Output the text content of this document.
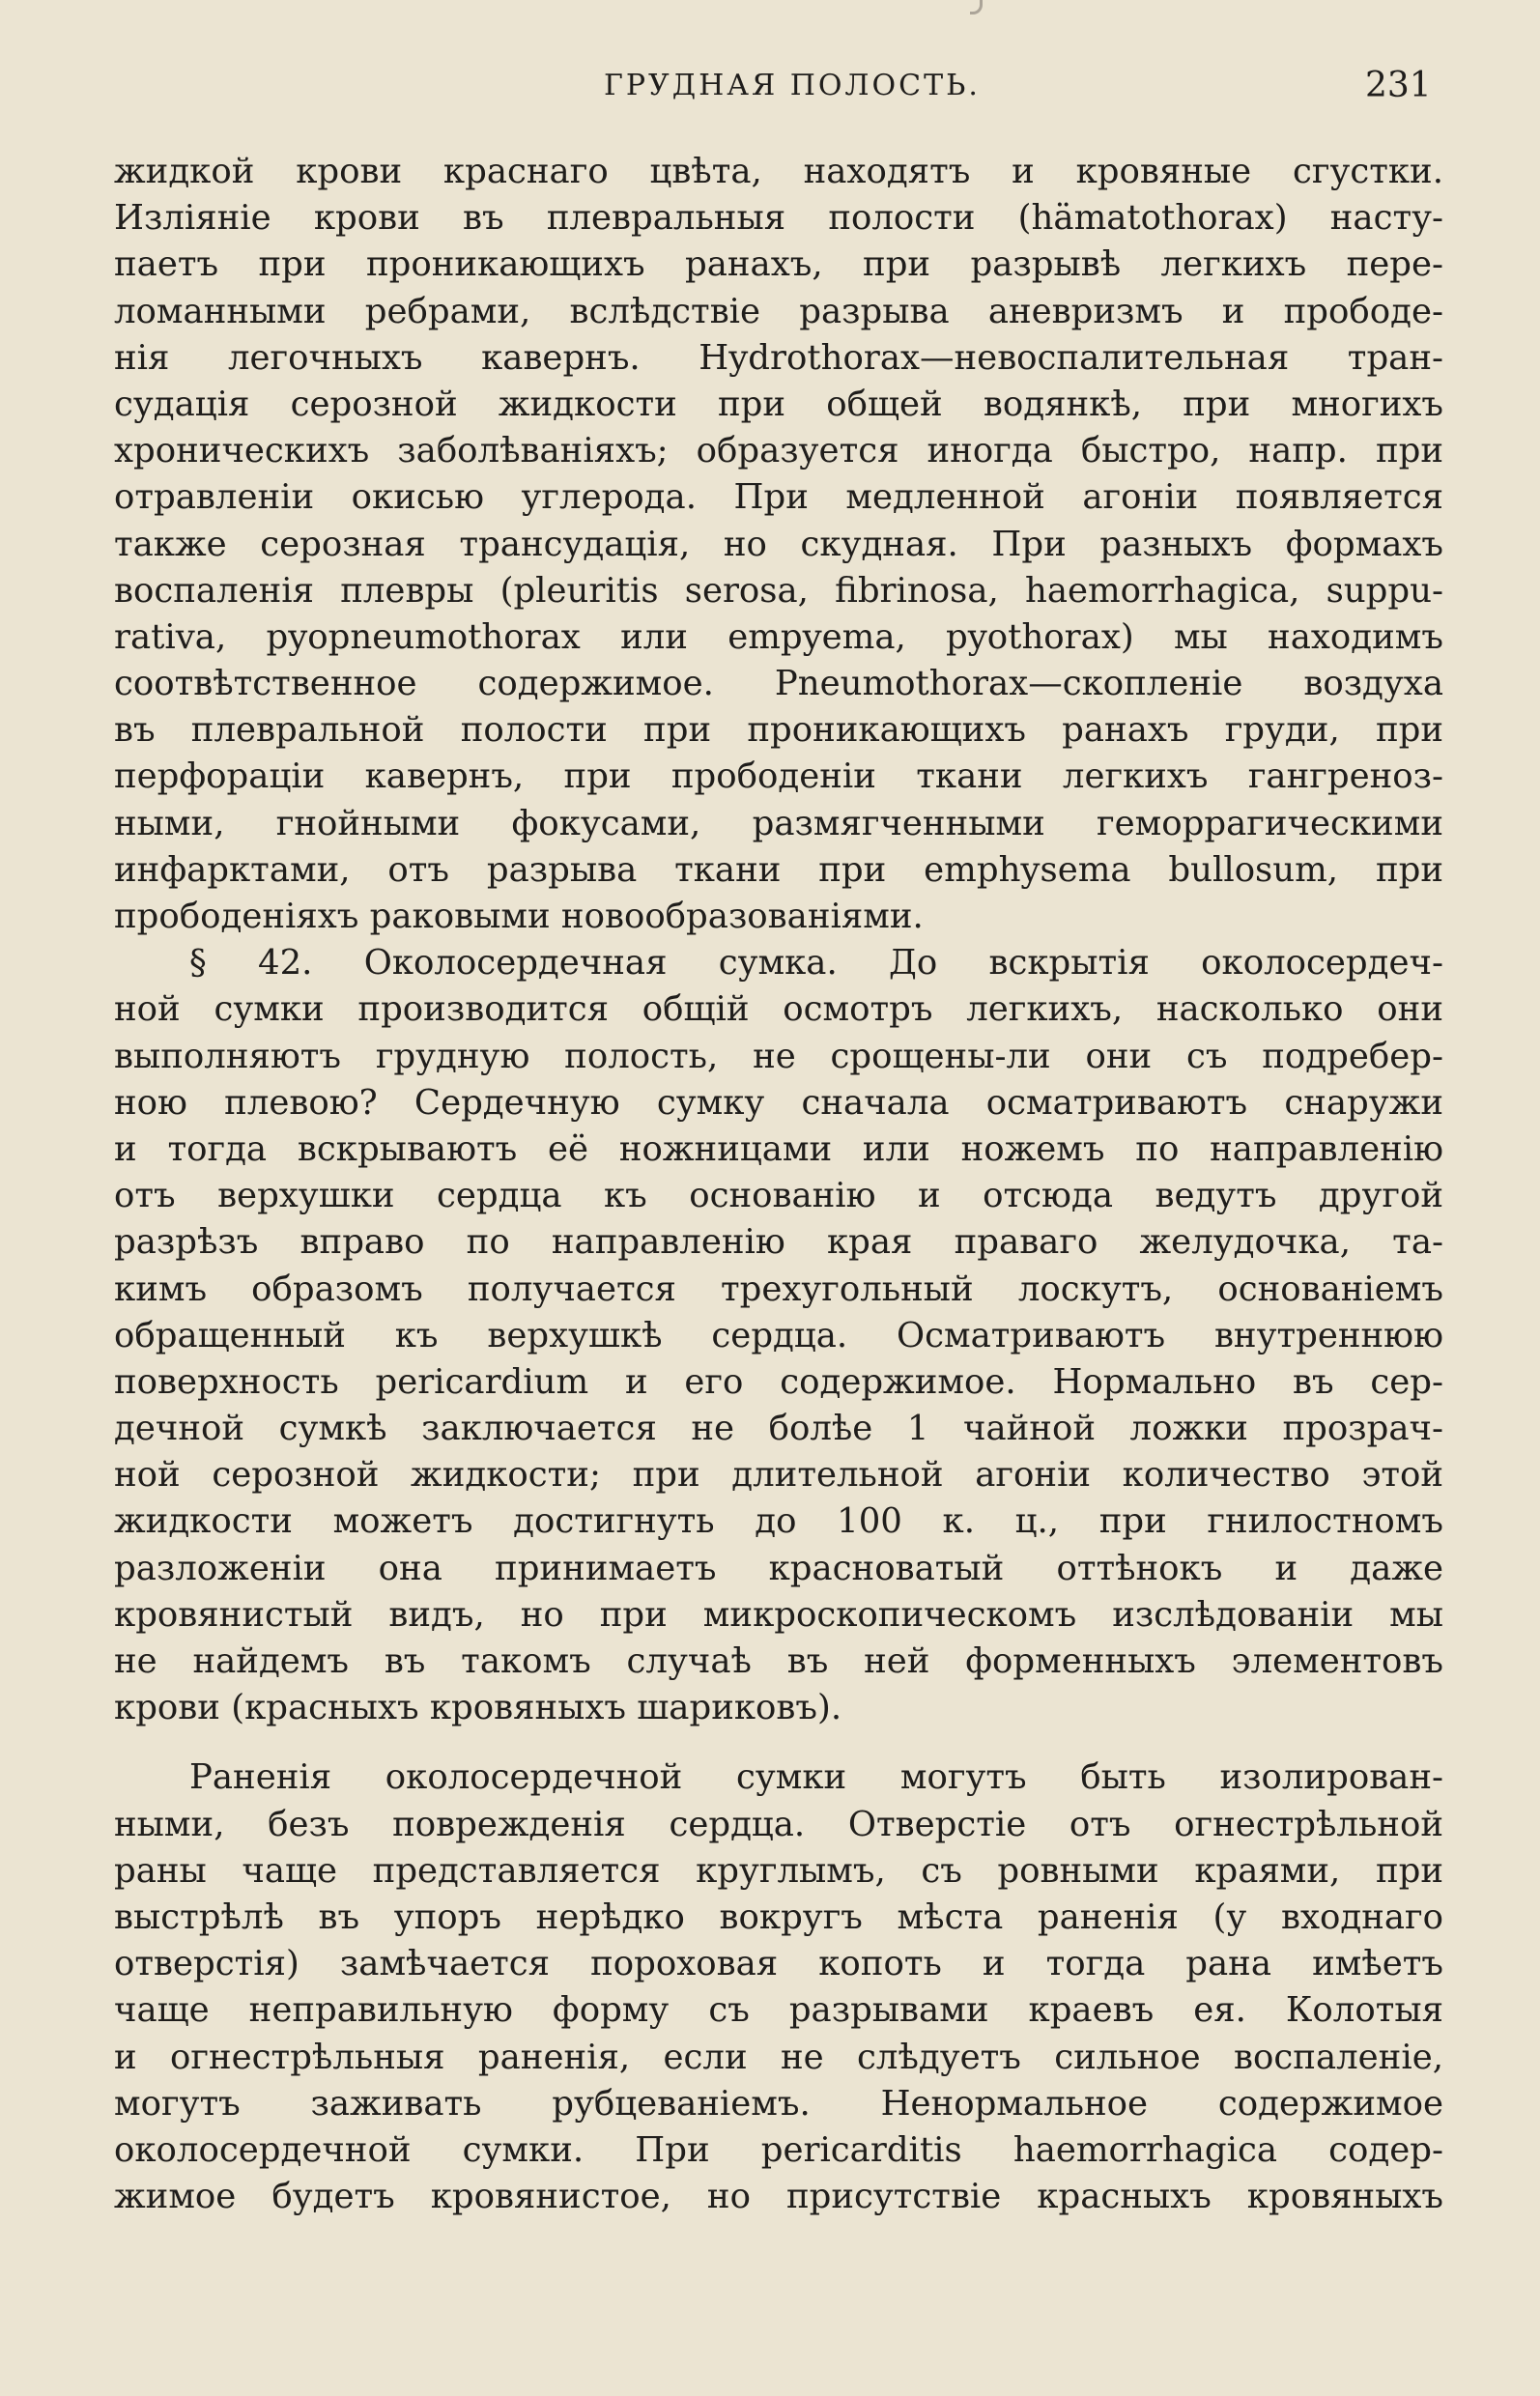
ГРУДНАЯ ПОЛОСТЬ.	231
жидкой крови краснаго цвѣта, находятъ и кровяные сгустки.
Изліяніе крови въ плевральныя полости (hämatothorax) насту-
паетъ при проникающихъ ранахъ, при разрывѣ легкихъ пере-
ломанными ребрами, вслѣдствіе разрыва аневризмъ и прободе-
нія легочныхъ кавернъ. Hydrothorax—невоспалительная тран-
судація серозной жидкости при общей водянкѣ, при многихъ
хроническихъ заболѣваніяхъ; образуется иногда быстро, напр. при
отравленіи окисью углерода. При медленной агоніи появляется
также серозная трансудація, но скудная. При разныхъ формахъ
воспаленія плевры (pleuritis serosa, fibrinosa, haemorrhagica, suppu-
rativa, pyopneumothorax или empyema, pyothorax) мы находимъ
соотвѣтственное содержимое. Pneumothorax—скопленіе воздуха
въ плевральной полости при проникающихъ ранахъ груди, при
перфораціи кавернъ, при прободеніи ткани легкихъ гангреноз-
ными, гнойными фокусами, размягченными геморрагическими
инфарктами, отъ разрыва ткани при emphysema bullosum, при
прободеніяхъ раковыми новообразованіями.
§ 42. Околосердечная сумка. До вскрытія околосердеч-
ной сумки производится общій осмотръ легкихъ, насколько они
выполняютъ грудную полость, не срощены-ли они съ подребер-
ною плевою? Сердечную сумку сначала осматриваютъ снаружи
и тогда вскрываютъ её ножницами или ножемъ по направленію
отъ верхушки сердца къ основанію и отсюда ведутъ другой
разрѣзъ вправо по направленію края праваго желудочка, та-
кимъ образомъ получается трехугольный лоскутъ, основаніемъ
обращенный къ верхушкѣ сердца. Осматриваютъ внутреннюю
поверхность pericardium и его содержимое. Нормально въ сер-
дечной сумкѣ заключается не болѣе 1 чайной ложки прозрач-
ной серозной жидкости; при длительной агоніи количество этой
жидкости можетъ достигнуть до 100 к. ц., при гнилостномъ
разложеніи она принимаетъ красноватый оттѣнокъ и даже
кровянистый видъ, но при микроскопическомъ изслѣдованіи мы
не найдемъ въ такомъ случаѣ въ ней форменныхъ элементовъ
крови (красныхъ кровяныхъ шариковъ).
Раненія околосердечной сумки могутъ быть изолирован-
ными, безъ поврежденія сердца. Отверстіе отъ огнестрѣльной
раны чаще представляется круглымъ, съ ровными краями, при
выстрѣлѣ въ упоръ нерѣдко вокругъ мѣста раненія (у входнаго
отверстія) замѣчается пороховая копоть и тогда рана имѣетъ
чаще неправильную форму съ разрывами краевъ ея. Колотыя
и огнестрѣльныя раненія, если не слѣдуетъ сильное воспаленіе,
могутъ заживать рубцеваніемъ. Ненормальное содержимое
околосердечной сумки. При pericarditis haemorrhagica содер-
жимое будетъ кровянистое, но присутствіе красныхъ кровяныхъ
